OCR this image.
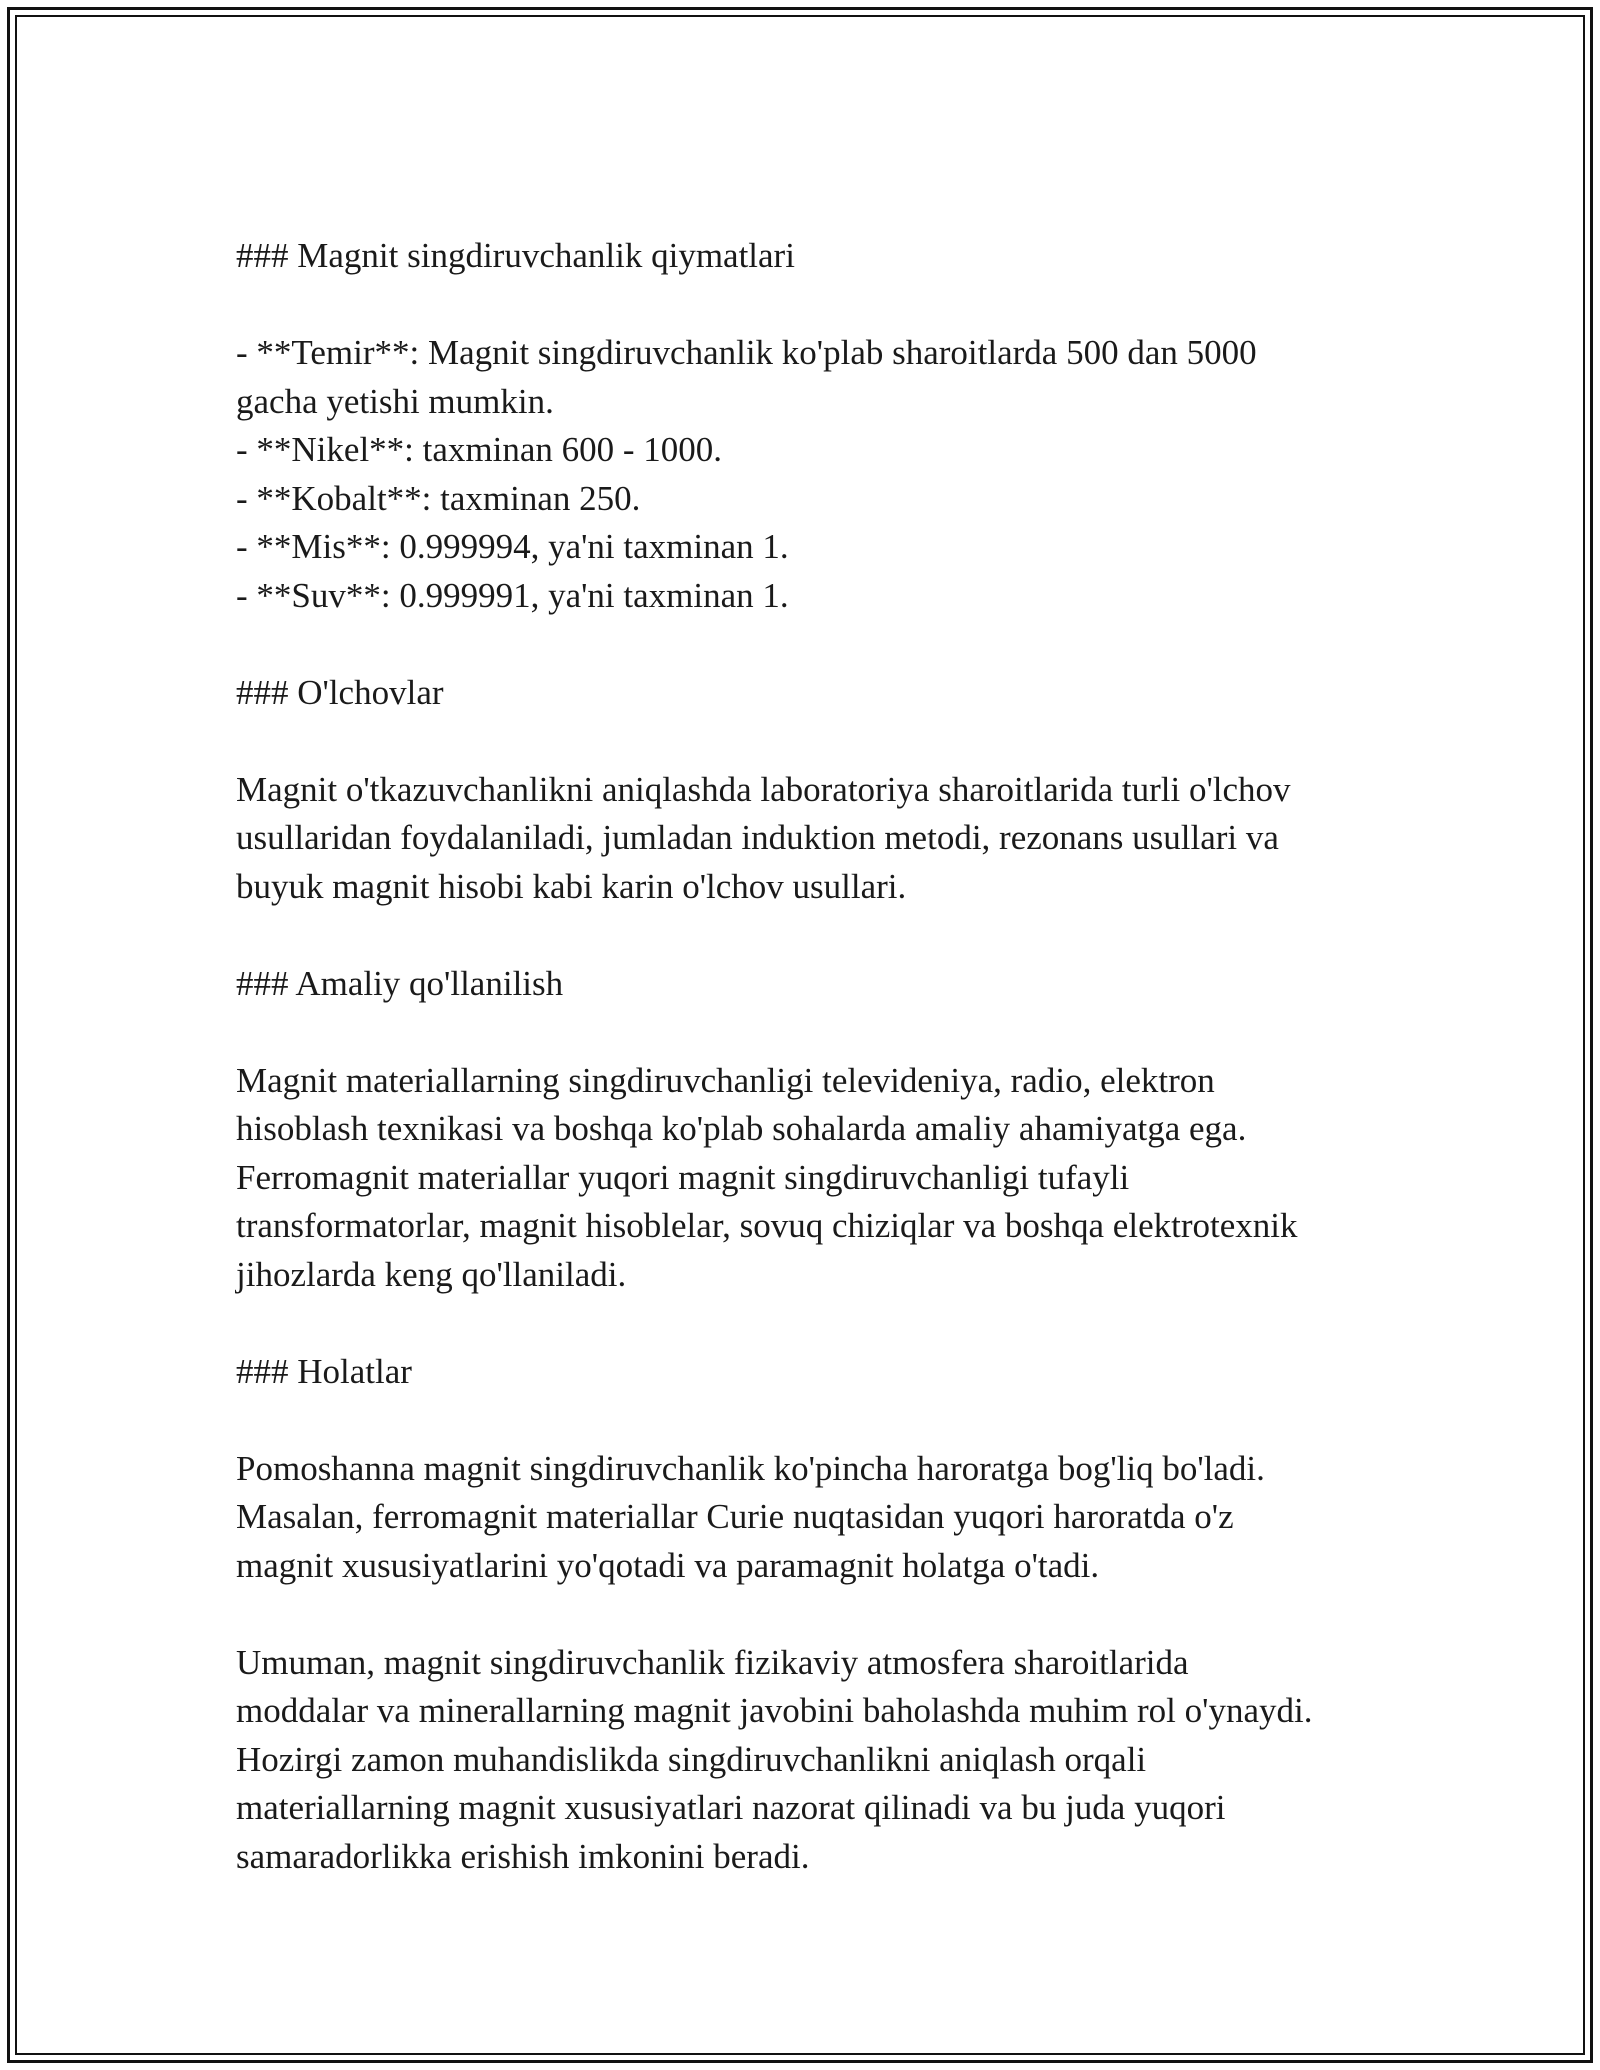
### Magnit singdiruvchanlik qiymatlari
- **Temir**: Magnit singdiruvchanlik ko'plab sharoitlarda 500 dan 5000
gacha yetishi mumkin.
- **Nikel**: taxminan 600 - 1000.
- **Kobalt**: taxminan 250.
- **Mis**: 0.999994, ya'ni taxminan 1.
- **Suv**: 0.999991, ya'ni taxminan 1.
### O'lchovlar
Magnit o'tkazuvchanlikni aniqlashda laboratoriya sharoitlarida turli o'lchov
usullaridan foydalaniladi, jumladan induktion metodi, rezonans usullari va
buyuk magnit hisobi kabi karin o'lchov usullari.
### Amaliy qo'llanilish
Magnit materiallarning singdiruvchanligi televideniya, radio, elektron
hisoblash texnikasi va boshqa ko'plab sohalarda amaliy ahamiyatga ega.
Ferromagnit materiallar yuqori magnit singdiruvchanligi tufayli
transformatorlar, magnit hisoblelar, sovuq chiziqlar va boshqa elektrotexnik
jihozlarda keng qo'llaniladi.
### Holatlar
Pomoshanna magnit singdiruvchanlik ko'pincha haroratga bog'liq bo'ladi.
Masalan, ferromagnit materiallar Curie nuqtasidan yuqori haroratda o'z
magnit xususiyatlarini yo'qotadi va paramagnit holatga o'tadi.
Umuman, magnit singdiruvchanlik fizikaviy atmosfera sharoitlarida
moddalar va minerallarning magnit javobini baholashda muhim rol o'ynaydi.
Hozirgi zamon muhandislikda singdiruvchanlikni aniqlash orqali
materiallarning magnit xususiyatlari nazorat qilinadi va bu juda yuqori
samaradorlikka erishish imkonini beradi.
